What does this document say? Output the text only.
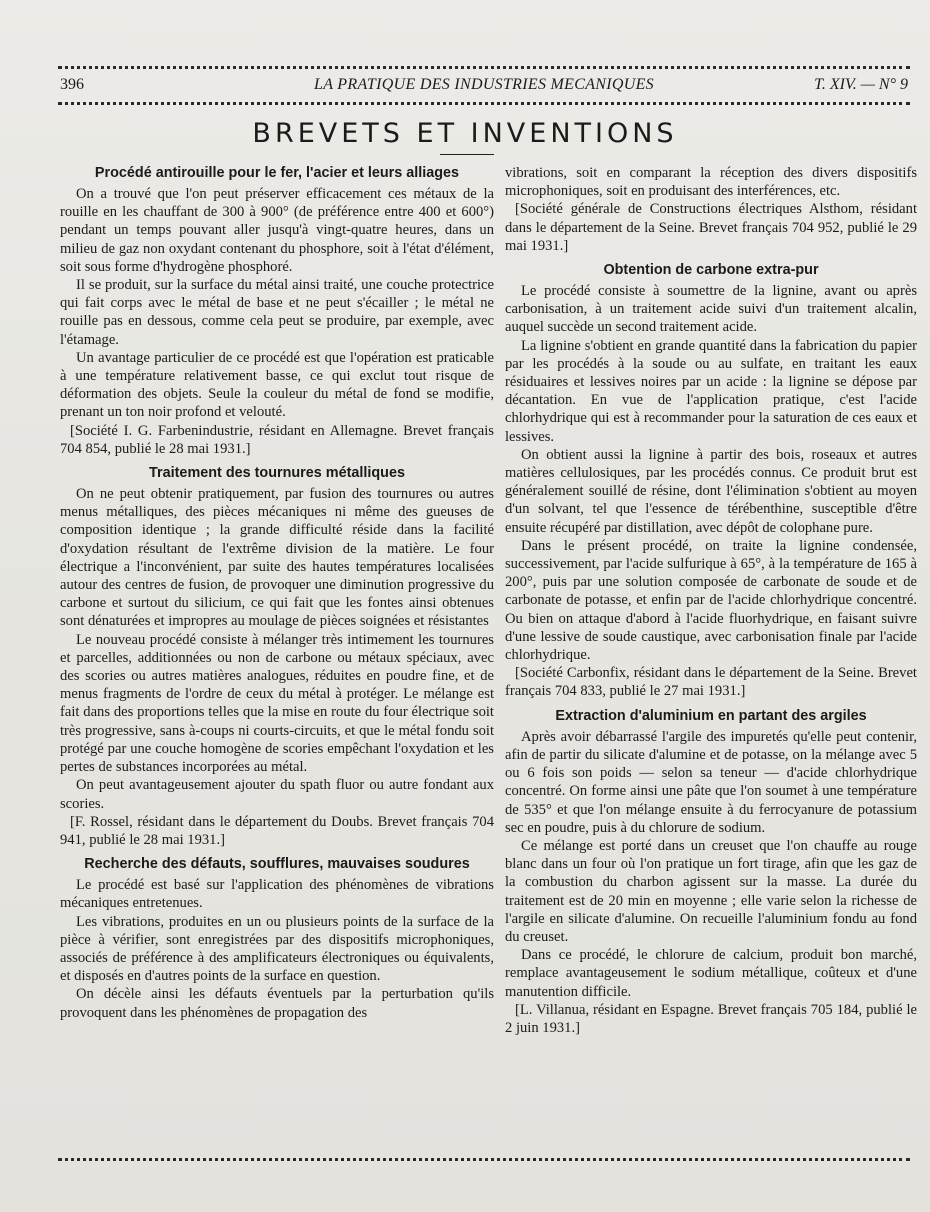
396	LA PRATIQUE DES INDUSTRIES MECANIQUES	T. XIV. — N° 9
BREVETS ET INVENTIONS
Procédé antirouille pour le fer, l'acier et leurs alliages

On a trouvé que l'on peut préserver efficacement ces métaux de la rouille en les chauffant de 300 à 900° (de préférence entre 400 et 600°) pendant un temps pouvant aller jusqu'à vingt-quatre heures, dans un milieu de gaz non oxydant contenant du phosphore, soit à l'état d'élément, soit sous forme d'hydrogène phosphoré.

Il se produit, sur la surface du métal ainsi traité, une couche protectrice qui fait corps avec le métal de base et ne peut s'écailler ; le métal ne rouille pas en dessous, comme cela peut se produire, par exemple, avec l'étamage.

Un avantage particulier de ce procédé est que l'opération est praticable à une température relativement basse, ce qui exclut tout risque de déformation des objets. Seule la couleur du métal de fond se modifie, prenant un ton noir profond et velouté.

[Société I. G. Farbenindustrie, résidant en Allemagne. Brevet français 704 854, publié le 28 mai 1931.]

Traitement des tournures métalliques

On ne peut obtenir pratiquement, par fusion des tournures ou autres menus métalliques, des pièces mécaniques ni même des gueuses de composition identique ; la grande difficulté réside dans la facilité d'oxydation résultant de l'extrême division de la matière. Le four électrique a l'inconvénient, par suite des hautes températures localisées autour des centres de fusion, de provoquer une diminution progressive du carbone et surtout du silicium, ce qui fait que les fontes ainsi obtenues sont dénaturées et impropres au moulage de pièces soignées et résistantes

Le nouveau procédé consiste à mélanger très intimement les tournures et parcelles, additionnées ou non de carbone ou métaux spéciaux, avec des scories ou autres matières analogues, réduites en poudre fine, et de menus fragments de l'ordre de ceux du métal à protéger. Le mélange est fait dans des proportions telles que la mise en route du four électrique soit très progressive, sans à-coups ni courts-circuits, et que le métal fondu soit protégé par une couche homogène de scories empêchant l'oxydation et les pertes de substances incorporées au métal.

On peut avantageusement ajouter du spath fluor ou autre fondant aux scories.

[F. Rossel, résidant dans le département du Doubs. Brevet français 704 941, publié le 28 mai 1931.]

Recherche des défauts, soufflures, mauvaises soudures

Le procédé est basé sur l'application des phénomènes de vibrations mécaniques entretenues.

Les vibrations, produites en un ou plusieurs points de la surface de la pièce à vérifier, sont enregistrées par des dispositifs microphoniques, associés de préférence à des amplificateurs électroniques ou équivalents, et disposés en d'autres points de la surface en question.

On décèle ainsi les défauts éventuels par la perturbation qu'ils provoquent dans les phénomènes de propagation des

vibrations, soit en comparant la réception des divers dispositifs microphoniques, soit en produisant des interférences, etc.

[Société générale de Constructions électriques Alsthom, résidant dans le département de la Seine. Brevet français 704 952, publié le 29 mai 1931.]

Obtention de carbone extra-pur

Le procédé consiste à soumettre de la lignine, avant ou après carbonisation, à un traitement acide suivi d'un traitement alcalin, auquel succède un second traitement acide.

La lignine s'obtient en grande quantité dans la fabrication du papier par les procédés à la soude ou au sulfate, en traitant les eaux résiduaires et lessives noires par un acide : la lignine se dépose par décantation. En vue de l'application pratique, c'est l'acide chlorhydrique qui est à recommander pour la saturation de ces eaux et lessives.

On obtient aussi la lignine à partir des bois, roseaux et autres matières cellulosiques, par les procédés connus. Ce produit brut est généralement souillé de résine, dont l'élimination s'obtient au moyen d'un solvant, tel que l'essence de térébenthine, susceptible d'être ensuite récupéré par distillation, avec dépôt de colophane pure.

Dans le présent procédé, on traite la lignine condensée, successivement, par l'acide sulfurique à 65°, à la température de 165 à 200°, puis par une solution composée de carbonate de soude et de carbonate de potasse, et enfin par de l'acide chlorhydrique concentré. Ou bien on attaque d'abord à l'acide fluorhydrique, en faisant suivre d'une lessive de soude caustique, avec carbonisation finale par l'acide chlorhydrique.

[Société Carbonfix, résidant dans le département de la Seine. Brevet français 704 833, publié le 27 mai 1931.]

Extraction d'aluminium en partant des argiles

Après avoir débarrassé l'argile des impuretés qu'elle peut contenir, afin de partir du silicate d'alumine et de potasse, on la mélange avec 5 ou 6 fois son poids — selon sa teneur — d'acide chlorhydrique concentré. On forme ainsi une pâte que l'on soumet à une température de 535° et que l'on mélange ensuite à du ferrocyanure de potassium sec en poudre, puis à du chlorure de sodium.

Ce mélange est porté dans un creuset que l'on chauffe au rouge blanc dans un four où l'on pratique un fort tirage, afin que les gaz de la combustion du charbon agissent sur la masse. La durée du traitement est de 20 min en moyenne ; elle varie selon la richesse de l'argile en silicate d'alumine. On recueille l'aluminium fondu au fond du creuset.

Dans ce procédé, le chlorure de calcium, produit bon marché, remplace avantageusement le sodium métallique, coûteux et d'une manutention difficile.

[L. Villanua, résidant en Espagne. Brevet français 705 184, publié le 2 juin 1931.]
